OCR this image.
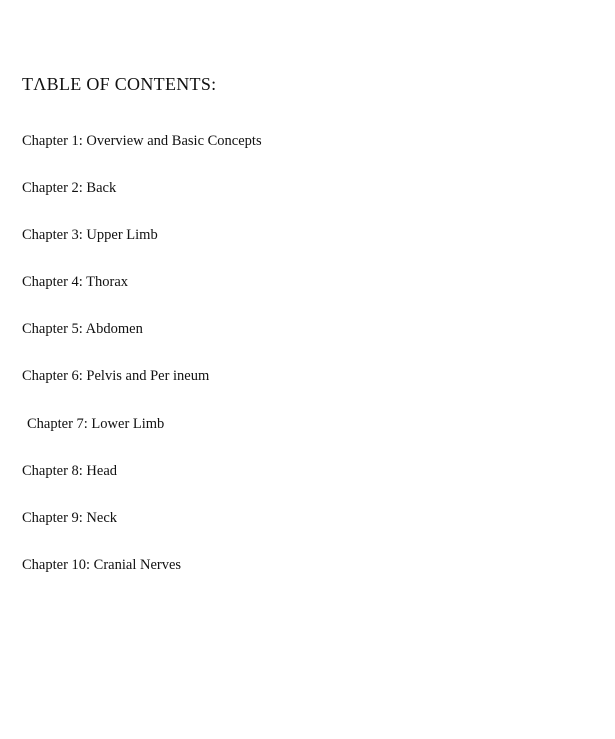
TΛBLE OF CONTENTS:
Chapter 1: Overview and Basic Concepts
Chapter 2: Back
Chapter 3: Upper Limb
Chapter 4: Thorax
Chapter 5: Abdomen
Chapter 6: Pelvis and Per ineum
Chapter 7: Lower Limb
Chapter 8: Head
Chapter 9: Neck
Chapter 10: Cranial Nerves
